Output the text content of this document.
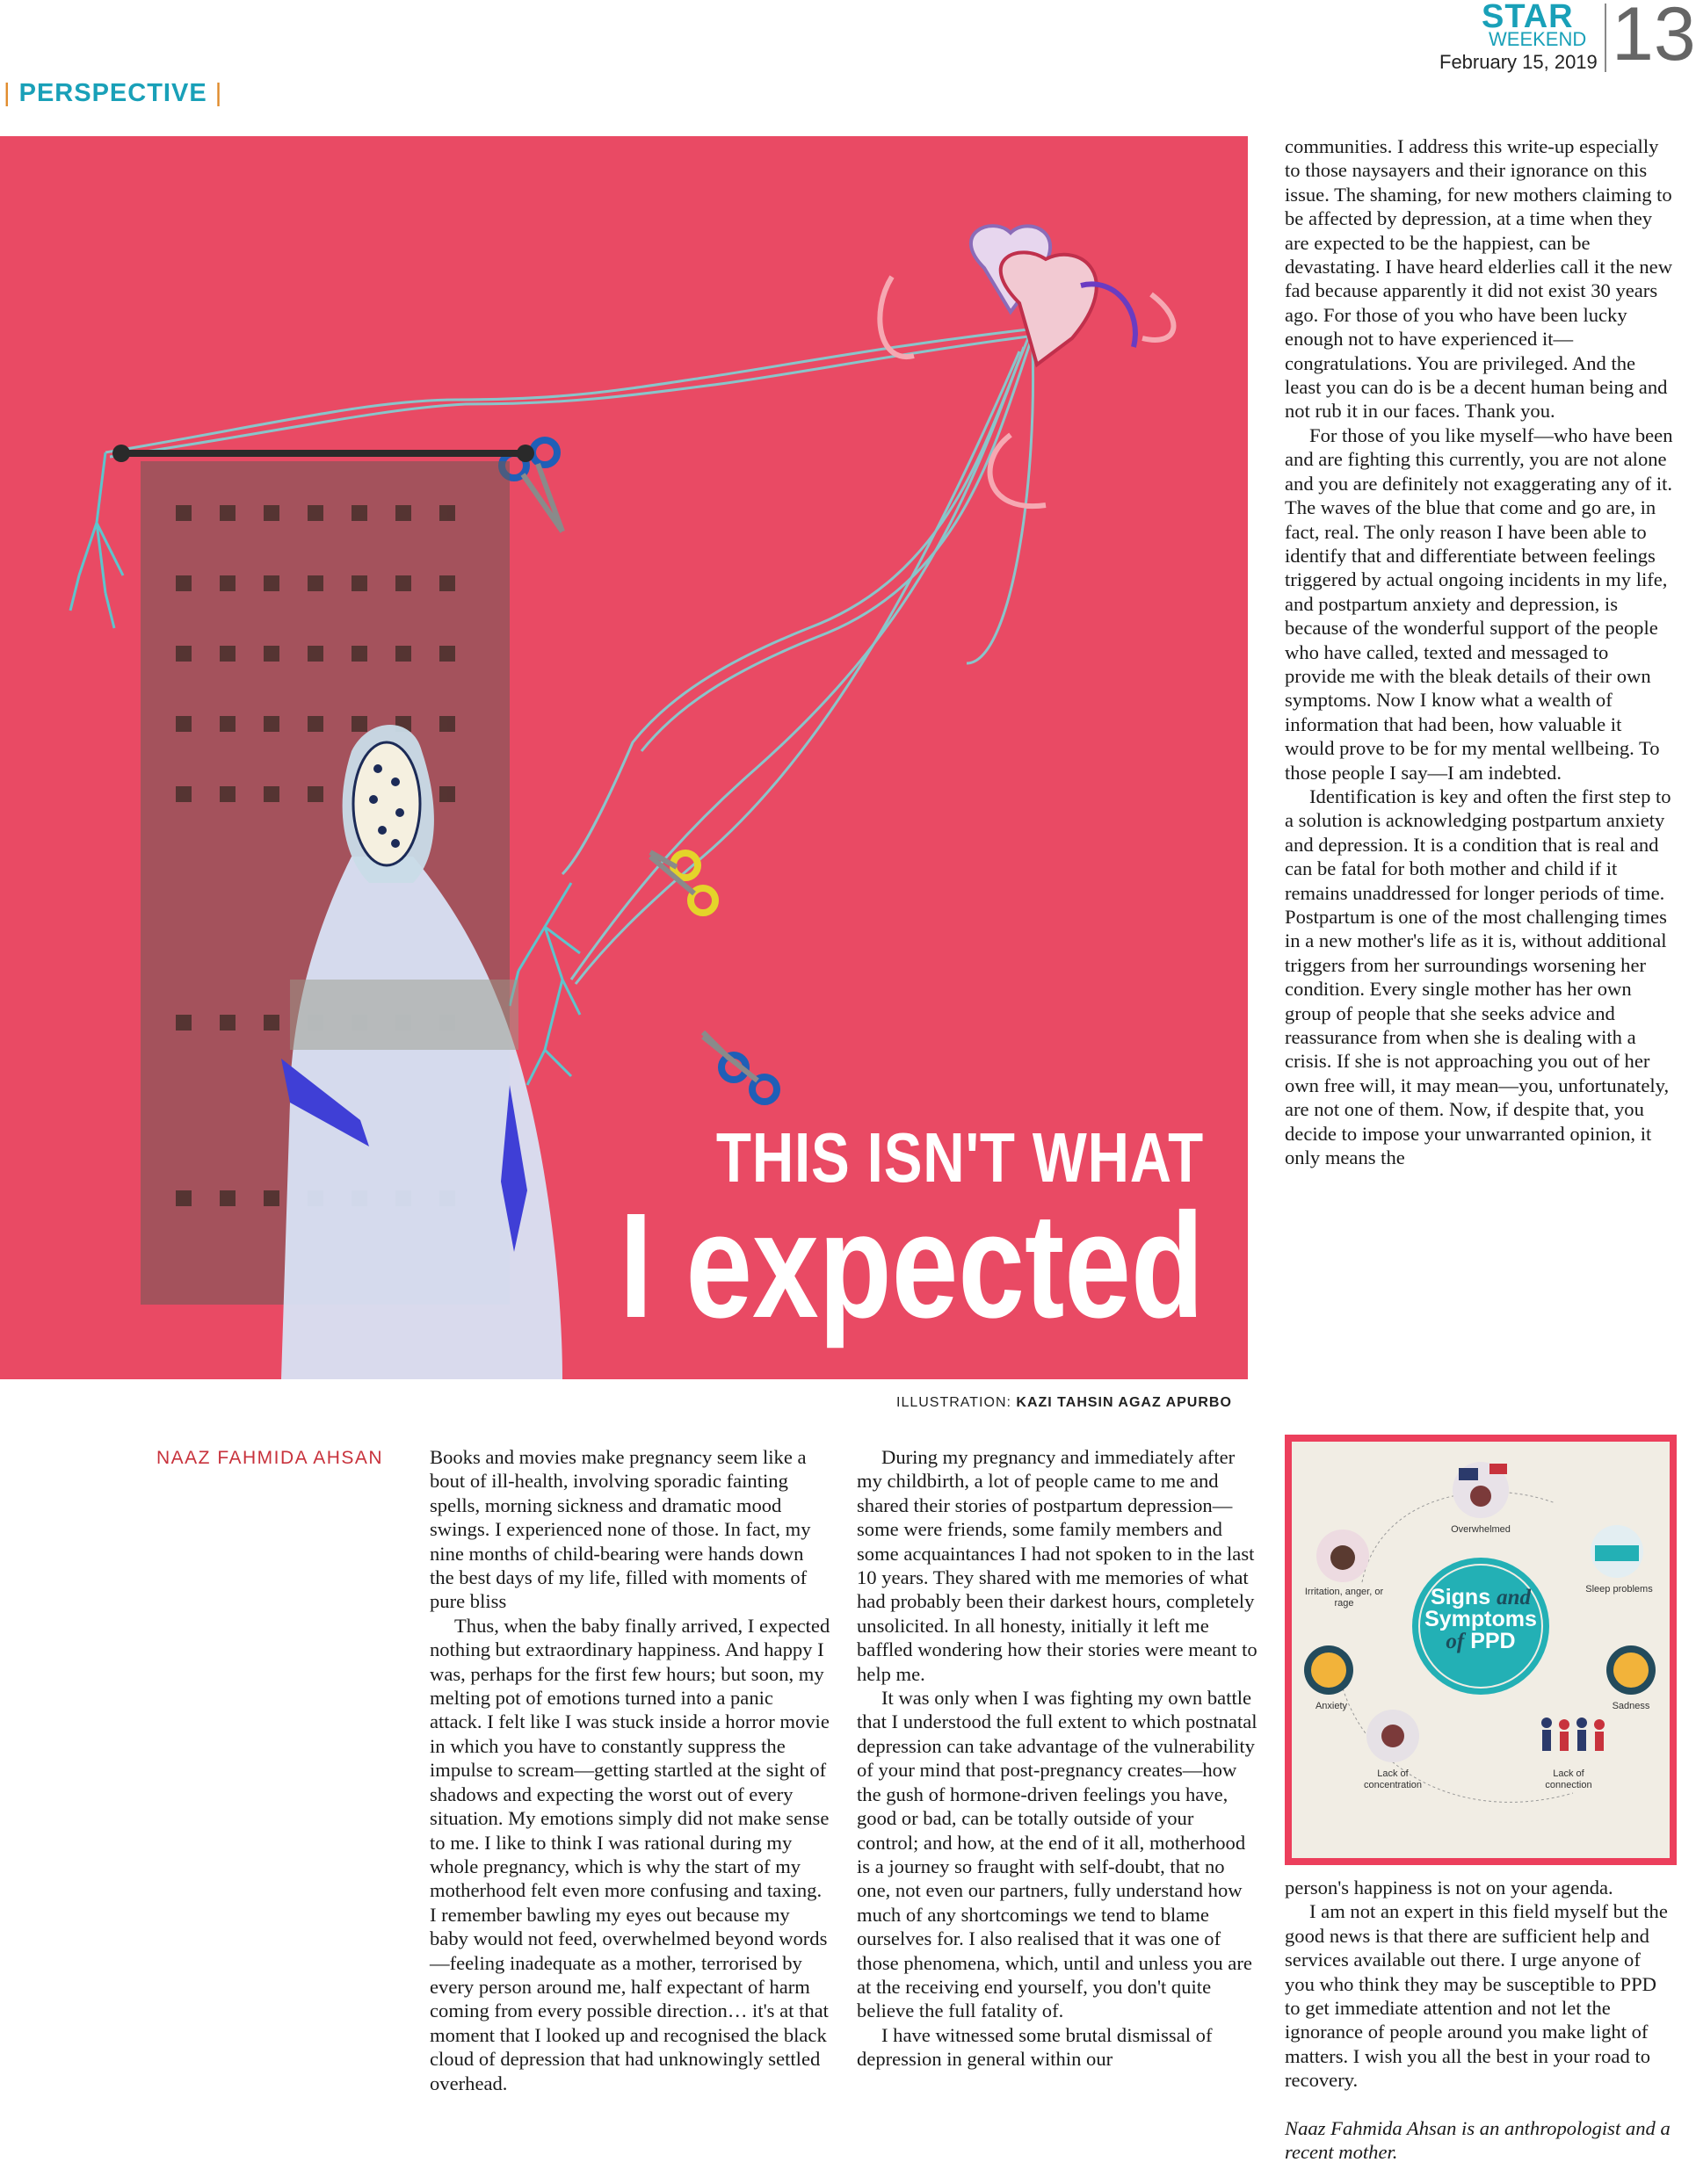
STAR
WEEKEND
February 15, 2019 13
| PERSPECTIVE |
THIS ISN'T WHAT
I expected
ILLUSTRATION: KAZI TAHSIN AGAZ APURBO
NAAZ FAHMIDA AHSAN Books and movies make pregnancy seem like a bout of ill-health, involving sporadic fainting spells, morning sickness and dramatic mood swings. I experienced none of those. In fact, my nine months of child-bearing were hands down the best days of my life, filled with moments of pure bliss

Thus, when the baby finally arrived, I expected nothing but extraordinary happiness. And happy I was, perhaps for the first few hours; but soon, my melting pot of emotions turned into a panic attack. I felt like I was stuck inside a horror movie in which you have to constantly suppress the impulse to scream—getting startled at the sight of shadows and expecting the worst out of every situation. My emotions simply did not make sense to me. I like to think I was rational during my whole pregnancy, which is why the start of my motherhood felt even more confusing and taxing. I remember bawling my eyes out because my baby would not feed, overwhelmed beyond words—feeling inadequate as a mother, terrorised by every person around me, half expectant of harm coming from every possible direction… it's at that moment that I looked up and recognised the black cloud of depression that had unknowingly settled overhead.

During my pregnancy and immediately after my childbirth, a lot of people came to me and shared their stories of postpartum depression—some were friends, some family members and some acquaintances I had not spoken to in the last 10 years. They shared with me memories of what had probably been their darkest hours, completely unsolicited. In all honesty, initially it left me baffled wondering how their stories were meant to help me.

It was only when I was fighting my own battle that I understood the full extent to which postnatal depression can take advantage of the vulnerability of your mind that post-pregnancy creates—how the gush of hormone-driven feelings you have, good or bad, can be totally outside of your control; and how, at the end of it all, motherhood is a journey so fraught with self-doubt, that no one, not even our partners, fully understand how much of any shortcomings we tend to blame ourselves for. I also realised that it was one of those phenomena, which, until and unless you are at the receiving end yourself, you don't quite believe the full fatality of.

I have witnessed some brutal dismissal of depression in general within our

communities. I address this write-up especially to those naysayers and their ignorance on this issue. The shaming, for new mothers claiming to be affected by depression, at a time when they are expected to be the happiest, can be devastating. I have heard elderlies call it the new fad because apparently it did not exist 30 years ago. For those of you who have been lucky enough not to have experienced it—congratulations. You are privileged. And the least you can do is be a decent human being and not rub it in our faces. Thank you.

For those of you like myself—who have been and are fighting this currently, you are not alone and you are definitely not exaggerating any of it. The waves of the blue that come and go are, in fact, real. The only reason I have been able to identify that and differentiate between feelings triggered by actual ongoing incidents in my life, and postpartum anxiety and depression, is because of the wonderful support of the people who have called, texted and messaged to provide me with the bleak details of their own symptoms. Now I know what a wealth of information that had been, how valuable it would prove to be for my mental wellbeing. To those people I say—I am indebted.

Identification is key and often the first step to a solution is acknowledging postpartum anxiety and depression. It is a condition that is real and can be fatal for both mother and child if it remains unaddressed for longer periods of time. Postpartum is one of the most challenging times in a new mother's life as it is, without additional triggers from her surroundings worsening her condition. Every single mother has her own group of people that she seeks advice and reassurance from when she is dealing with a crisis. If she is not approaching you out of her own free will, it may mean—you, unfortunately, are not one of them. Now, if despite that, you decide to impose your unwarranted opinion, it only means the

Signs and
Symptoms
of PPD
Overwhelmed
Sleep problems
Irritation, anger, or rage
Anxiety	Sadness
Lack of concentration
Lack of connection

person's happiness is not on your agenda.

I am not an expert in this field myself but the good news is that there are sufficient help and services available out there. I urge anyone of you who think they may be susceptible to PPD to get immediate attention and not let the ignorance of people around you make light of matters. I wish you all the best in your road to recovery.

Naaz Fahmida Ahsan is an anthropologist and a recent mother.
